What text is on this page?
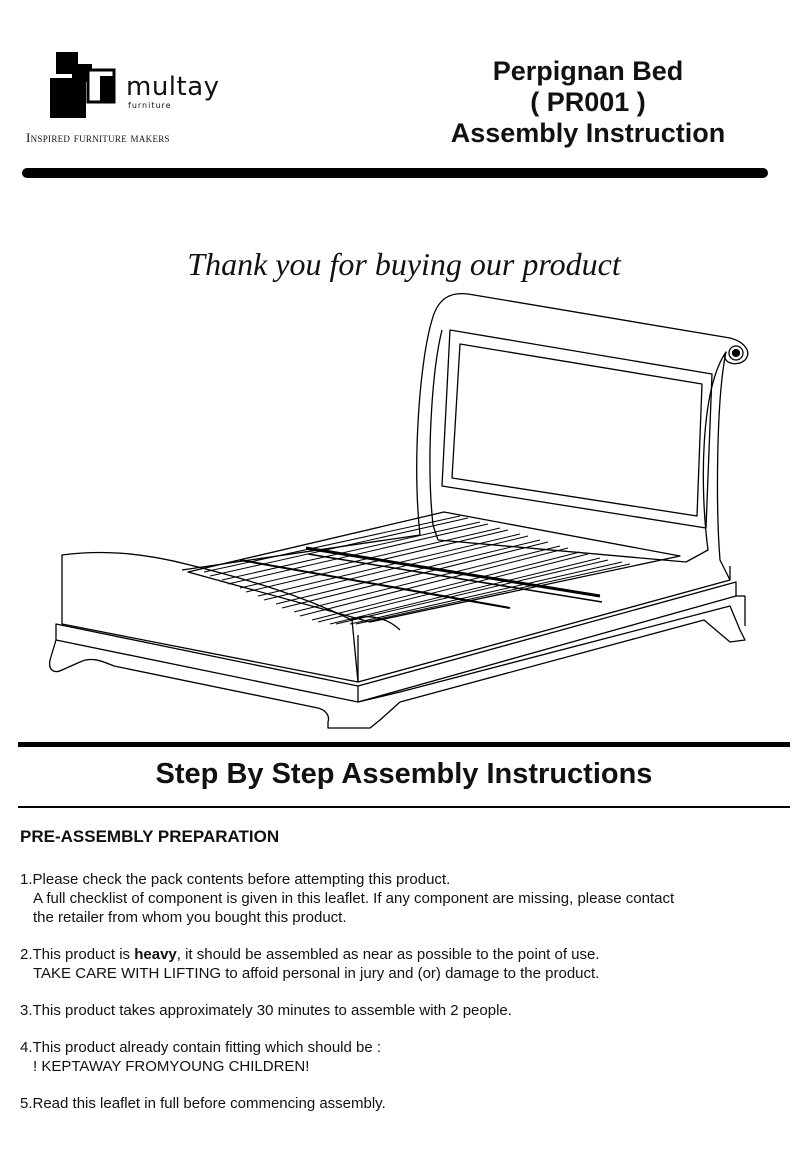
multay
furniture
Inspired furniture makers
Perpignan Bed
( PR001 )
Assembly Instruction
Thank you for buying our product
Step By Step Assembly Instructions
PRE-ASSEMBLY PREPARATION

1.Please check the pack contents before attempting this product.

A full checklist of component is given in this leaflet. If any component are missing, please contact

the retailer from whom you bought this product.

2.This product is heavy, it should be assembled as near as possible to the point of use.

TAKE CARE WITH LIFTING to affoid personal in jury and (or) damage to the product.

3.This product takes approximately 30 minutes to assemble with 2 people.

4.This product already contain fitting which should be :

! KEPTAWAY FROMYOUNG CHILDREN!

5.Read this leaflet in full before commencing assembly.
